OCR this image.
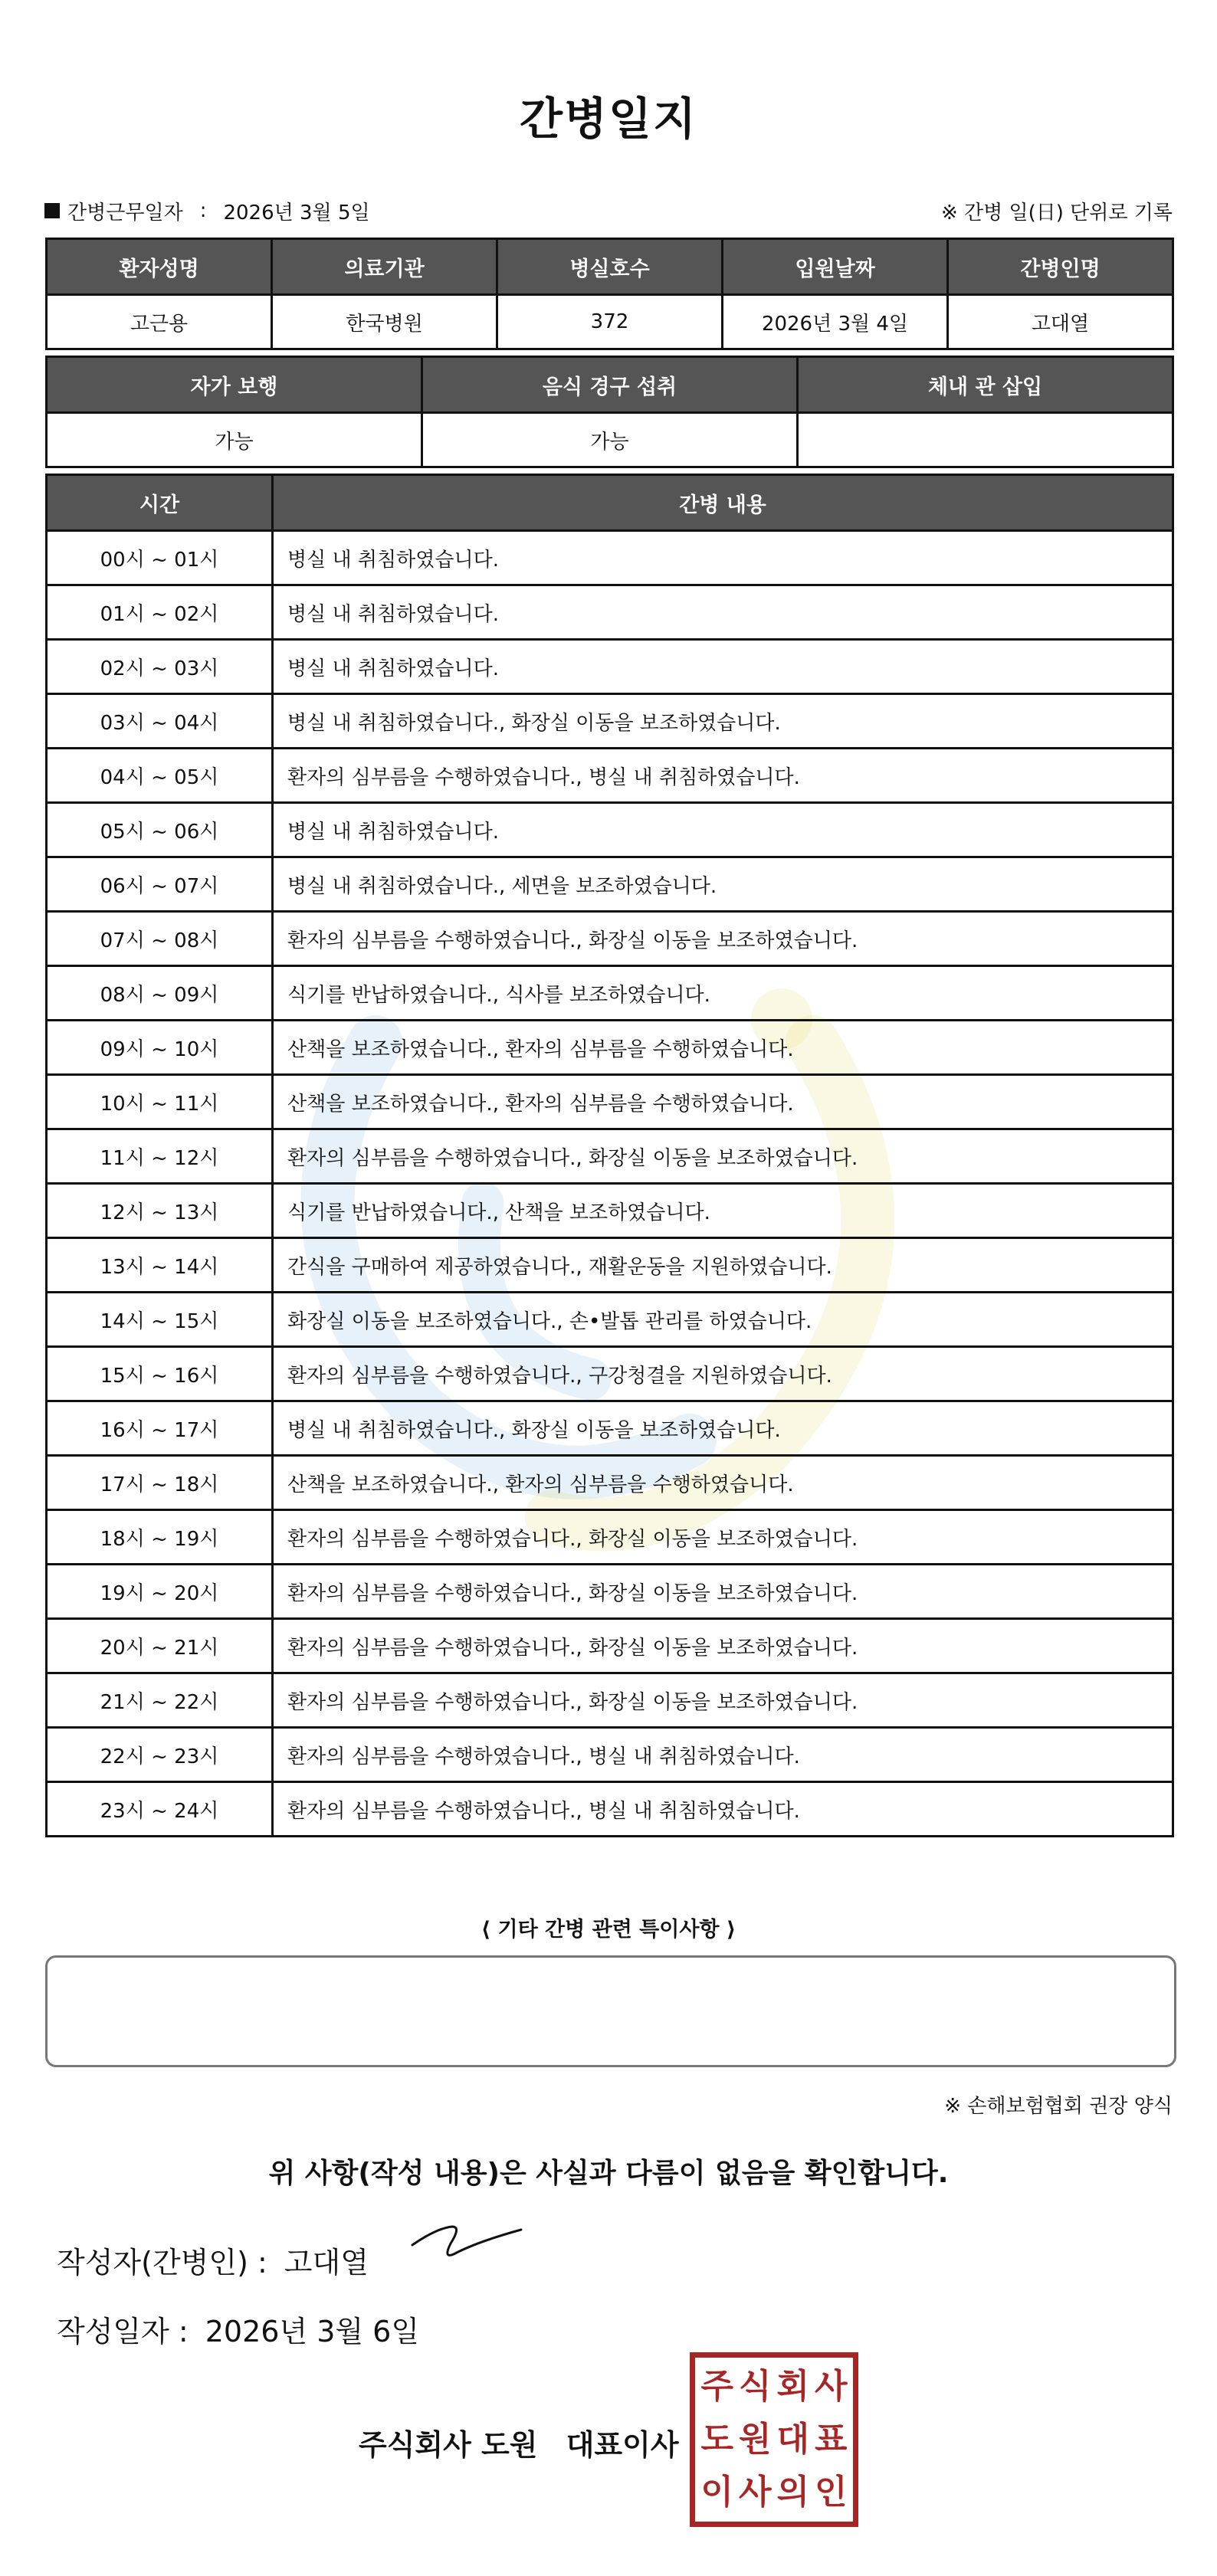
간병일지
간병근무일자 : 2026년 3월 5일	※ 간병 일(日) 단위로 기록
환자성명	의료기관	병실호수	입원날짜	간병인명
고근용	한국병원	372	2026년 3월 4일	고대열
자가 보행	음식 경구 섭취	체내 관 삽입
가능	가능	
시간	간병 내용
00시 ~ 01시	병실 내 취침하였습니다.
01시 ~ 02시	병실 내 취침하였습니다.
02시 ~ 03시	병실 내 취침하였습니다.
03시 ~ 04시	병실 내 취침하였습니다., 화장실 이동을 보조하였습니다.
04시 ~ 05시	환자의 심부름을 수행하였습니다., 병실 내 취침하였습니다.
05시 ~ 06시	병실 내 취침하였습니다.
06시 ~ 07시	병실 내 취침하였습니다., 세면을 보조하였습니다.
07시 ~ 08시	환자의 심부름을 수행하였습니다., 화장실 이동을 보조하였습니다.
08시 ~ 09시	식기를 반납하였습니다., 식사를 보조하였습니다.
09시 ~ 10시	산책을 보조하였습니다., 환자의 심부름을 수행하였습니다.
10시 ~ 11시	산책을 보조하였습니다., 환자의 심부름을 수행하였습니다.
11시 ~ 12시	환자의 심부름을 수행하였습니다., 화장실 이동을 보조하였습니다.
12시 ~ 13시	식기를 반납하였습니다., 산책을 보조하였습니다.
13시 ~ 14시	간식을 구매하여 제공하였습니다., 재활운동을 지원하였습니다.
14시 ~ 15시	화장실 이동을 보조하였습니다., 손•발톱 관리를 하였습니다.
15시 ~ 16시	환자의 심부름을 수행하였습니다., 구강청결을 지원하였습니다.
16시 ~ 17시	병실 내 취침하였습니다., 화장실 이동을 보조하였습니다.
17시 ~ 18시	산책을 보조하였습니다., 환자의 심부름을 수행하였습니다.
18시 ~ 19시	환자의 심부름을 수행하였습니다., 화장실 이동을 보조하였습니다.
19시 ~ 20시	환자의 심부름을 수행하였습니다., 화장실 이동을 보조하였습니다.
20시 ~ 21시	환자의 심부름을 수행하였습니다., 화장실 이동을 보조하였습니다.
21시 ~ 22시	환자의 심부름을 수행하였습니다., 화장실 이동을 보조하였습니다.
22시 ~ 23시	환자의 심부름을 수행하였습니다., 병실 내 취침하였습니다.
23시 ~ 24시	환자의 심부름을 수행하였습니다., 병실 내 취침하였습니다.
⟨ 기타 간병 관련 특이사항 ⟩
※ 손해보험협회 권장 양식
위 사항(작성 내용)은 사실과 다름이 없음을 확인합니다.
작성자(간병인) : 고대열
작성일자 : 2026년 3월 6일
주식회사 도원 대표이사
주 식 회 사
도 원 대 표
이 사 의 인
